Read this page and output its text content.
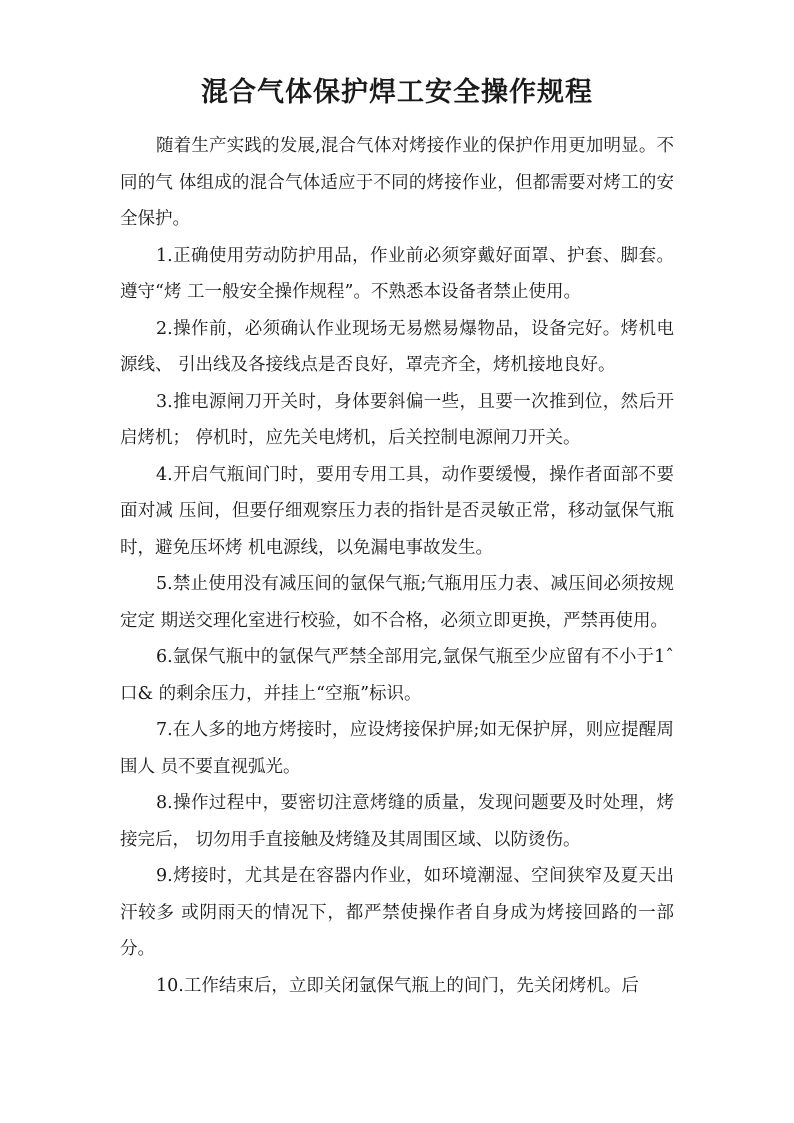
混合气体保护焊工安全操作规程

随着生产实践的发展,混合气体对烤接作业的保护作用更加明显。不同的气 体组成的混合气体适应于不同的烤接作业，但都需要对烤工的安全保护。

1.正确使用劳动防护用品，作业前必须穿戴好面罩、护套、脚套。遵守“烤 工一般安全操作规程”。不熟悉本设备者禁止使用。

2.操作前，必须确认作业现场无易燃易爆物品，设备完好。烤机电源线、 引出线及各接线点是否良好，罩壳齐全，烤机接地良好。

3.推电源闸刀开关时，身体要斜偏一些，且要一次推到位，然后开启烤机； 停机时，应先关电烤机，后关控制电源闸刀开关。

4.开启气瓶间门时，要用专用工具，动作要缓慢，操作者面部不要面对减 压间，但要仔细观察压力表的指针是否灵敏正常，移动氩保气瓶时，避免压坏烤 机电源线，以免漏电事故发生。

5.禁止使用没有减压间的氩保气瓶;气瓶用压力表、减压间必须按规定定 期送交理化室进行校验，如不合格，必须立即更换，严禁再使用。

6.氩保气瓶中的氩保气严禁全部用完,氩保气瓶至少应留有不小于1ˆ口& 的剩余压力，并挂上“空瓶”标识。

7.在人多的地方烤接时，应设烤接保护屏;如无保护屏，则应提醒周围人 员不要直视弧光。

8.操作过程中，要密切注意烤缝的质量，发现问题要及时处理，烤接完后， 切勿用手直接触及烤缝及其周围区域、以防烫伤。

9.烤接时，尤其是在容器内作业，如环境潮湿、空间狭窄及夏天出汗较多 或阴雨天的情况下，都严禁使操作者自身成为烤接回路的一部分。

10.工作结束后，立即关闭氩保气瓶上的间门，先关闭烤机。后
